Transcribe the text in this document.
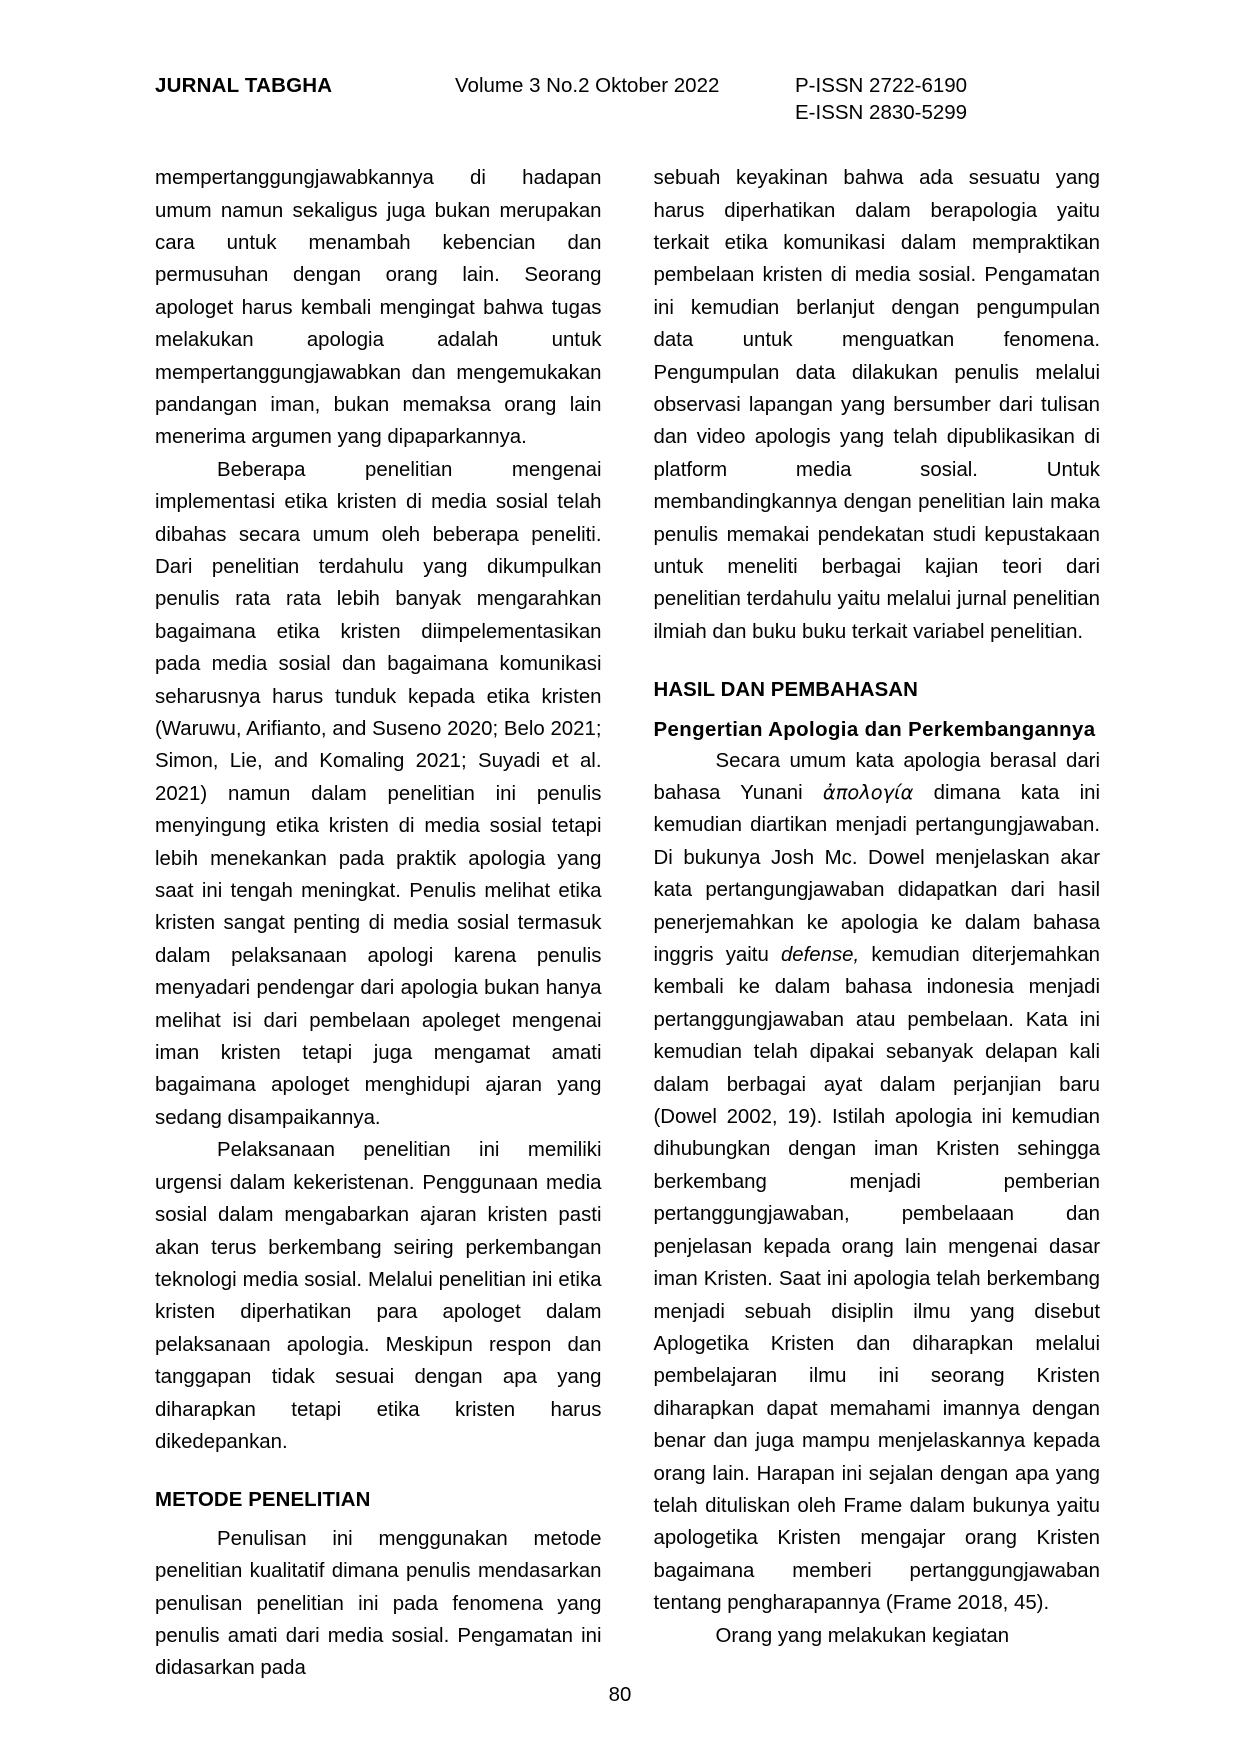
JURNAL TABGHA	Volume 3 No.2 Oktober 2022	P-ISSN 2722-6190
E-ISSN 2830-5299

mempertanggungjawabkannya di hadapan umum namun sekaligus juga bukan merupakan cara untuk menambah kebencian dan permusuhan dengan orang lain. Seorang apologet harus kembali mengingat bahwa tugas melakukan apologia adalah untuk mempertanggungjawabkan dan mengemukakan pandangan iman, bukan memaksa orang lain menerima argumen yang dipaparkannya.

Beberapa penelitian mengenai implementasi etika kristen di media sosial telah dibahas secara umum oleh beberapa peneliti. Dari penelitian terdahulu yang dikumpulkan penulis rata rata lebih banyak mengarahkan bagaimana etika kristen diimpelementasikan pada media sosial dan bagaimana komunikasi seharusnya harus tunduk kepada etika kristen (Waruwu, Arifianto, and Suseno 2020; Belo 2021; Simon, Lie, and Komaling 2021; Suyadi et al. 2021) namun dalam penelitian ini penulis menyingung etika kristen di media sosial tetapi lebih menekankan pada praktik apologia yang saat ini tengah meningkat. Penulis melihat etika kristen sangat penting di media sosial termasuk dalam pelaksanaan apologi karena penulis menyadari pendengar dari apologia bukan hanya melihat isi dari pembelaan apoleget mengenai iman kristen tetapi juga mengamat amati bagaimana apologet menghidupi ajaran yang sedang disampaikannya.

Pelaksanaan penelitian ini memiliki urgensi dalam kekeristenan. Penggunaan media sosial dalam mengabarkan ajaran kristen pasti akan terus berkembang seiring perkembangan teknologi media sosial. Melalui penelitian ini etika kristen diperhatikan para apologet dalam pelaksanaan apologia. Meskipun respon dan tanggapan tidak sesuai dengan apa yang diharapkan tetapi etika kristen harus dikedepankan.

METODE PENELITIAN

Penulisan ini menggunakan metode penelitian kualitatif dimana penulis mendasarkan penulisan penelitian ini pada fenomena yang penulis amati dari media sosial. Pengamatan ini didasarkan pada

sebuah keyakinan bahwa ada sesuatu yang harus diperhatikan dalam berapologia yaitu terkait etika komunikasi dalam mempraktikan pembelaan kristen di media sosial. Pengamatan ini kemudian berlanjut dengan pengumpulan data untuk menguatkan fenomena. Pengumpulan data dilakukan penulis melalui observasi lapangan yang bersumber dari tulisan dan video apologis yang telah dipublikasikan di platform media sosial. Untuk membandingkannya dengan penelitian lain maka penulis memakai pendekatan studi kepustakaan untuk meneliti berbagai kajian teori dari penelitian terdahulu yaitu melalui jurnal penelitian ilmiah dan buku buku terkait variabel penelitian.

HASIL DAN PEMBAHASAN
Pengertian Apologia dan Perkembangannya

Secara umum kata apologia berasal dari bahasa Yunani ἀπολογία dimana kata ini kemudian diartikan menjadi pertangungjawaban. Di bukunya Josh Mc. Dowel menjelaskan akar kata pertangungjawaban didapatkan dari hasil penerjemahkan ke apologia ke dalam bahasa inggris yaitu defense, kemudian diterjemahkan kembali ke dalam bahasa indonesia menjadi pertanggungjawaban atau pembelaan. Kata ini kemudian telah dipakai sebanyak delapan kali dalam berbagai ayat dalam perjanjian baru (Dowel 2002, 19). Istilah apologia ini kemudian dihubungkan dengan iman Kristen sehingga berkembang menjadi pemberian pertanggungjawaban, pembelaaan dan penjelasan kepada orang lain mengenai dasar iman Kristen. Saat ini apologia telah berkembang menjadi sebuah disiplin ilmu yang disebut Aplogetika Kristen dan diharapkan melalui pembelajaran ilmu ini seorang Kristen diharapkan dapat memahami imannya dengan benar dan juga mampu menjelaskannya kepada orang lain. Harapan ini sejalan dengan apa yang telah dituliskan oleh Frame dalam bukunya yaitu apologetika Kristen mengajar orang Kristen bagaimana memberi pertanggungjawaban tentang pengharapannya (Frame 2018, 45).

Orang yang melakukan kegiatan

80
